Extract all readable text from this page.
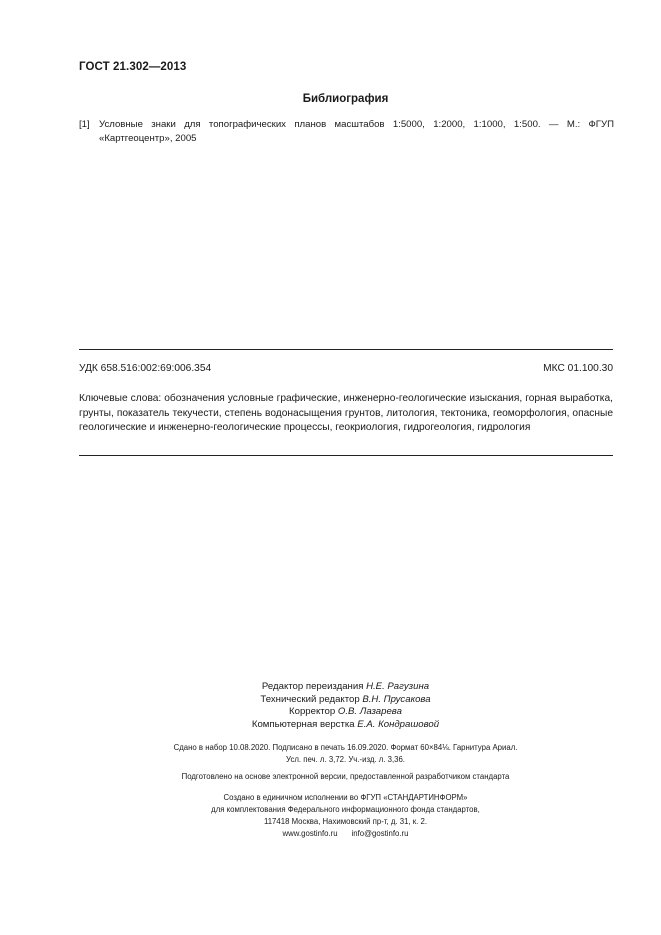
ГОСТ 21.302—2013
Библиография
[1] Условные знаки для топографических планов масштабов 1:5000, 1:2000, 1:1000, 1:500. — М.: ФГУП «Картгеоцентр», 2005
УДК 658.516:002:69:006.354	МКС 01.100.30
Ключевые слова: обозначения условные графические, инженерно-геологические изыскания, горная выработка, грунты, показатель текучести, степень водонасыщения грунтов, литология, тектоника, геоморфология, опасные геологические и инженерно-геологические процессы, геокриология, гидрогеология, гидрология
Редактор переиздания Н.Е. Рагузина
Технический редактор В.Н. Прусакова
Корректор О.В. Лазарева
Компьютерная верстка Е.А. Кондрашовой
Сдано в набор 10.08.2020. Подписано в печать 16.09.2020. Формат 60×84⅛. Гарнитура Ариал.
Усл. печ. л. 3,72. Уч.-изд. л. 3,36.
Подготовлено на основе электронной версии, предоставленной разработчиком стандарта
Создано в единичном исполнении во ФГУП «СТАНДАРТИНФОРМ»
для комплектования Федерального информационного фонда стандартов,
117418 Москва, Нахимовский пр-т, д. 31, к. 2.
www.gostinfo.ru info@gostinfo.ru
